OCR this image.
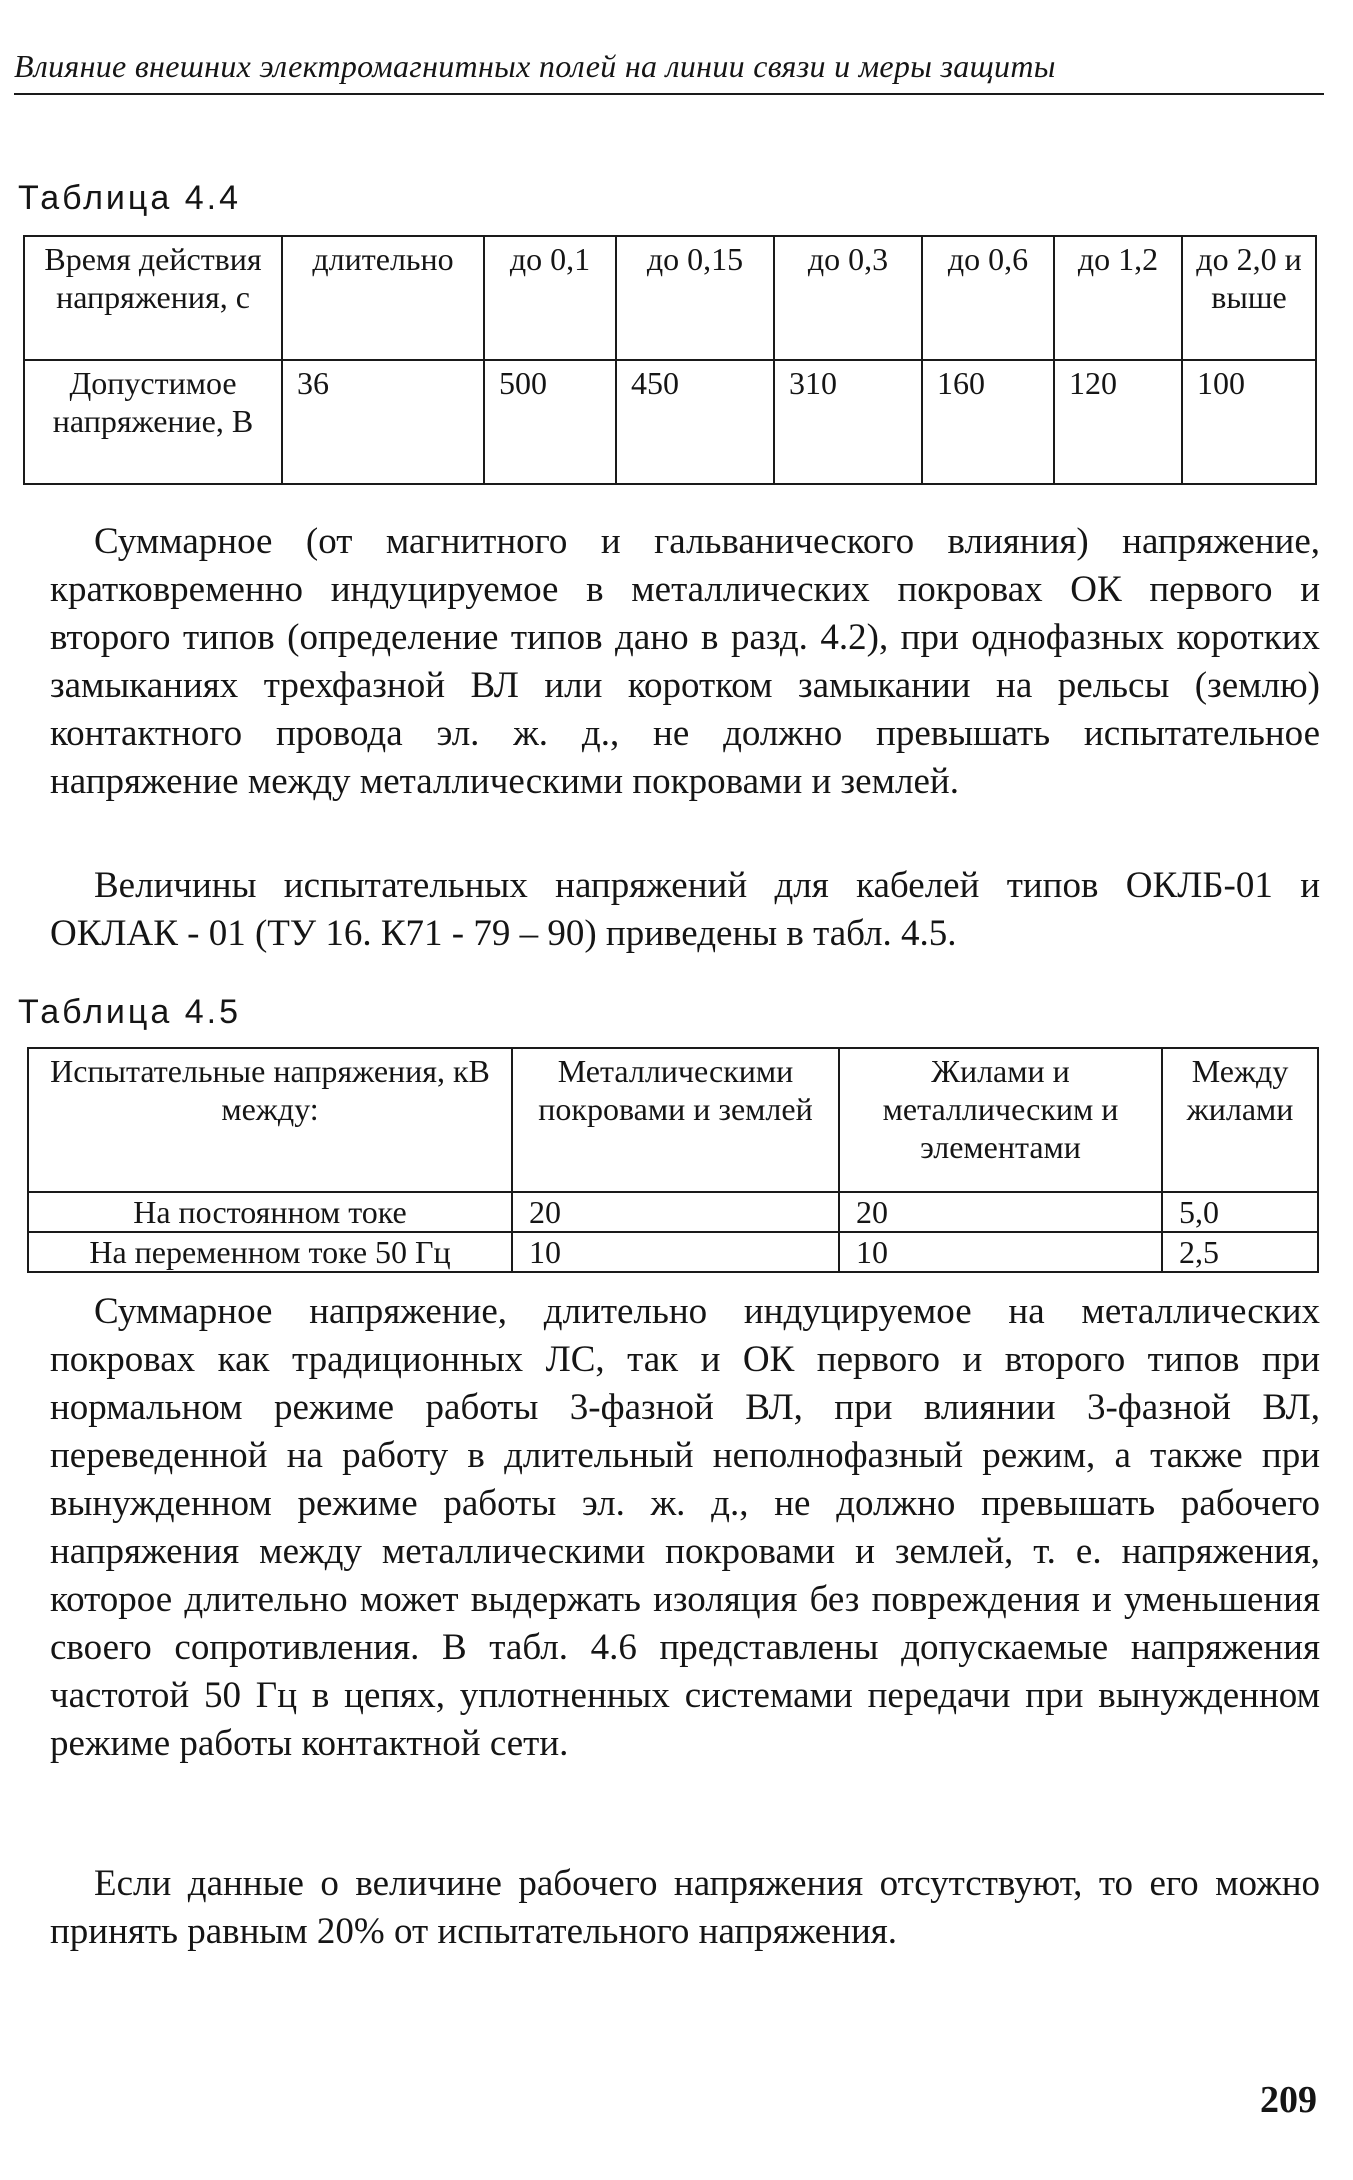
Влияние внешних электромагнитных полей на линии связи и меры защиты
Таблица 4.4
Время действия напряжения, с	длительно	до 0,1	до 0,15	до 0,3	до 0,6	до 1,2	до 2,0 и выше
Допустимое напряжение, В	36	500	450	310	160	120	100

Суммарное (от магнитного и гальванического влияния) напряжение, кратковременно индуцируемое в металлических покровах ОК первого и второго типов (определение типов дано в разд. 4.2), при однофазных коротких замыканиях трехфазной ВЛ или коротком замыкании на рельсы (землю) контактного провода эл. ж. д., не должно превышать испытательное напряжение между металлическими покровами и землей.

Величины испытательных напряжений для кабелей типов ОКЛБ-01 и ОКЛАК - 01 (ТУ 16. К71 - 79 – 90) приведены в табл. 4.5.

Таблица 4.5
Испытательные напряжения, кВ между:	Металлическими покровами и землей	Жилами и металлическим и элементами	Между жилами
На постоянном токе	20	20	5,0
На переменном токе 50 Гц	10	10	2,5

Суммарное напряжение, длительно индуцируемое на металлических покровах как традиционных ЛС, так и ОК первого и второго типов при нормальном режиме работы 3-фазной ВЛ, при влиянии 3-фазной ВЛ, переведенной на работу в длительный неполнофазный режим, а также при вынужденном режиме работы эл. ж. д., не должно превышать рабочего напряжения между металлическими покровами и землей, т. е. напряжения, которое длительно может выдержать изоляция без повреждения и уменьшения своего сопротивления. В табл. 4.6 представлены допускаемые напряжения частотой 50 Гц в цепях, уплотненных системами передачи при вынужденном режиме работы контактной сети.

Если данные о величине рабочего напряжения отсутствуют, то его можно принять равным 20% от испытательного напряжения.

209
